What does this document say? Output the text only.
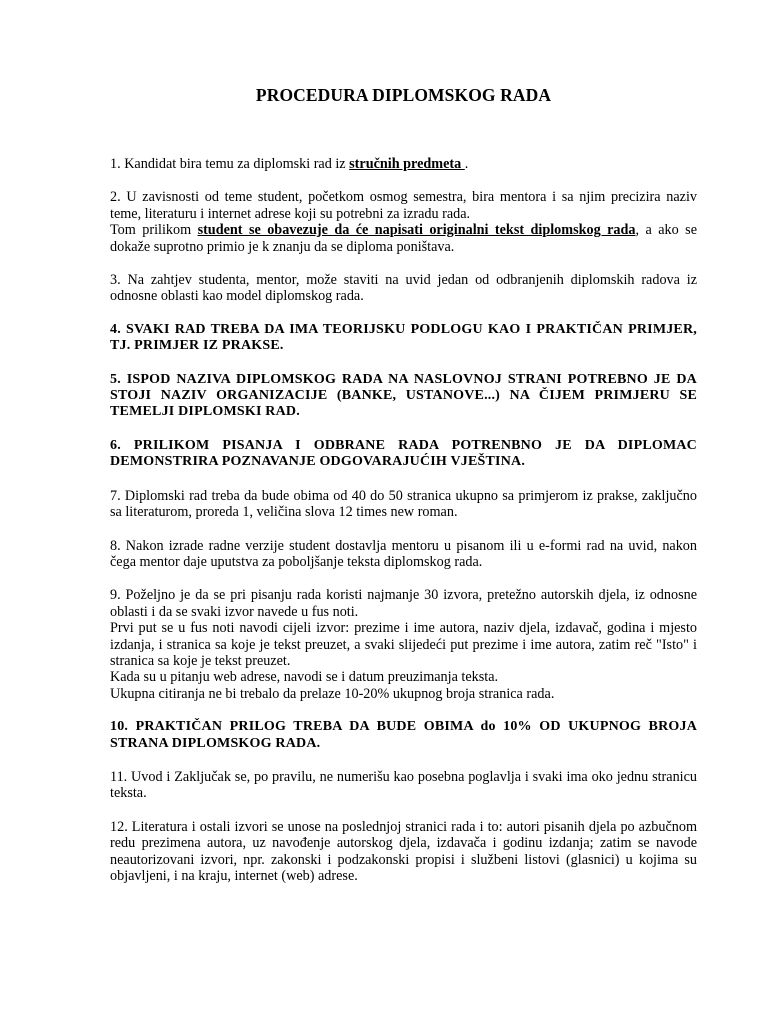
PROCEDURA DIPLOMSKOG RADA

1. Kandidat bira temu za diplomski rad iz stručnih predmeta .

2. U zavisnosti od teme student, početkom osmog semestra, bira mentora i sa njim precizira naziv teme, literaturu i internet adrese koji su potrebni za izradu rada.

Tom prilikom student se obavezuje da će napisati originalni tekst diplomskog rada, a ako se dokaže suprotno primio je k znanju da se diploma poništava.

3. Na zahtjev studenta, mentor, može staviti na uvid jedan od odbranjenih diplomskih radova iz odnosne oblasti kao model diplomskog rada.

4. SVAKI RAD TREBA DA IMA TEORIJSKU PODLOGU KAO I PRAKTIČAN PRIMJER, TJ. PRIMJER IZ PRAKSE.

5. ISPOD NAZIVA DIPLOMSKOG RADA NA NASLOVNOJ STRANI POTREBNO JE DA STOJI NAZIV ORGANIZACIJE (BANKE, USTANOVE...) NA ČIJEM PRIMJERU SE TEMELJI DIPLOMSKI RAD.

6. PRILIKOM PISANJA I ODBRANE RADA POTRENBNO JE DA DIPLOMAC DEMONSTRIRA POZNAVANJE ODGOVARAJUĆIH VJEŠTINA.

7. Diplomski rad treba da bude obima od 40 do 50 stranica ukupno sa primjerom iz prakse, zaključno sa literaturom, proreda 1, veličina slova 12 times new roman.

8. Nakon izrade radne verzije student dostavlja mentoru u pisanom ili u e-formi rad na uvid, nakon čega mentor daje uputstva za poboljšanje teksta diplomskog rada.

9. Poželjno je da se pri pisanju rada koristi najmanje 30 izvora, pretežno autorskih djela, iz odnosne oblasti i da se svaki izvor navede u fus noti.

Prvi put se u fus noti navodi cijeli izvor: prezime i ime autora, naziv djela, izdavač, godina i mjesto izdanja, i stranica sa koje je tekst preuzet, a svaki slijedeći put prezime i ime autora, zatim reč "Isto" i stranica sa koje je tekst preuzet.

Kada su u pitanju web adrese, navodi se i datum preuzimanja teksta.

Ukupna citiranja ne bi trebalo da prelaze 10-20% ukupnog broja stranica rada.

10. PRAKTIČAN PRILOG TREBA DA BUDE OBIMA do 10% OD UKUPNOG BROJA STRANA DIPLOMSKOG RADA.

11. Uvod i Zaključak se, po pravilu, ne numerišu kao posebna poglavlja i svaki ima oko jednu stranicu teksta.

12. Literatura i ostali izvori se unose na poslednjoj stranici rada i to: autori pisanih djela po azbučnom redu prezimena autora, uz navođenje autorskog djela, izdavača i godinu izdanja; zatim se navode neautorizovani izvori, npr. zakonski i podzakonski propisi i službeni listovi (glasnici) u kojima su objavljeni, i na kraju, internet (web) adrese.
